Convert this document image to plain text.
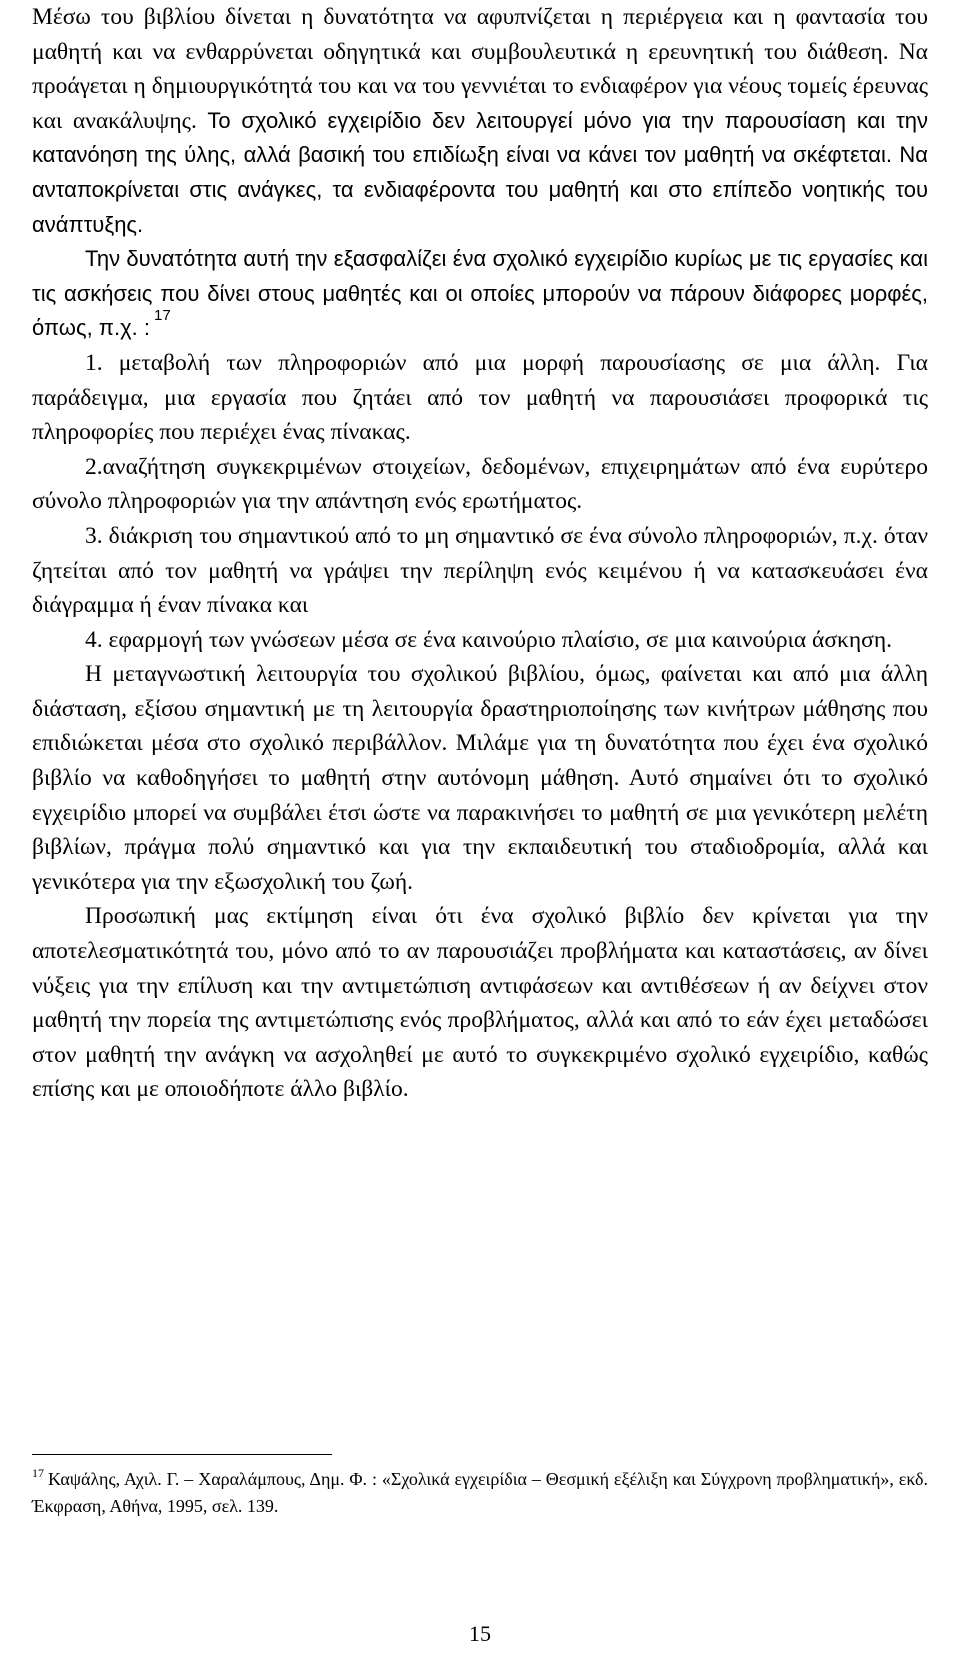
Μέσω του βιβλίου δίνεται η δυνατότητα να αφυπνίζεται η περιέργεια και η φαντασία του μαθητή και να ενθαρρύνεται οδηγητικά και συμβουλευτικά η ερευνητική του διάθεση. Να προάγεται η δημιουργικότητά του και να του γεννιέται το ενδιαφέρον για νέους τομείς έρευνας και ανακάλυψης. Το σχολικό εγχειρίδιο δεν λειτουργεί μόνο για την παρουσίαση και την κατανόηση της ύλης, αλλά βασική του επιδίωξη είναι να κάνει τον μαθητή να σκέφτεται. Να ανταποκρίνεται στις ανάγκες, τα ενδιαφέροντα του μαθητή και στο επίπεδο νοητικής του ανάπτυξης.

Την δυνατότητα αυτή την εξασφαλίζει ένα σχολικό εγχειρίδιο κυρίως με τις εργασίες και τις ασκήσεις που δίνει στους μαθητές και οι οποίες μπορούν να πάρουν διάφορες μορφές, όπως, π.χ. : $^{17}$

1. μεταβολή των πληροφοριών από μια μορφή παρουσίασης σε μια άλλη. Για παράδειγμα, μια εργασία που ζητάει από τον μαθητή να παρουσιάσει προφορικά τις πληροφορίες που περιέχει ένας πίνακας.

2.αναζήτηση συγκεκριμένων στοιχείων, δεδομένων, επιχειρημάτων από ένα ευρύτερο σύνολο πληροφοριών για την απάντηση ενός ερωτήματος.

3. διάκριση του σημαντικού από το μη σημαντικό σε ένα σύνολο πληροφοριών, π.χ. όταν ζητείται από τον μαθητή να γράψει την περίληψη ενός κειμένου ή να κατασκευάσει ένα διάγραμμα ή έναν πίνακα και

4. εφαρμογή των γνώσεων μέσα σε ένα καινούριο πλαίσιο, σε μια καινούρια άσκηση.

Η μεταγνωστική λειτουργία του σχολικού βιβλίου, όμως, φαίνεται και από μια άλλη διάσταση, εξίσου σημαντική με τη λειτουργία δραστηριοποίησης των κινήτρων μάθησης που επιδιώκεται μέσα στο σχολικό περιβάλλον. Μιλάμε για τη δυνατότητα που έχει ένα σχολικό βιβλίο να καθοδηγήσει το μαθητή στην αυτόνομη μάθηση. Αυτό σημαίνει ότι το σχολικό εγχειρίδιο μπορεί να συμβάλει έτσι ώστε να παρακινήσει το μαθητή σε μια γενικότερη μελέτη βιβλίων, πράγμα πολύ σημαντικό και για την εκπαιδευτική του σταδιοδρομία, αλλά και γενικότερα για την εξωσχολική του ζωή.

Προσωπική μας εκτίμηση είναι ότι ένα σχολικό βιβλίο δεν κρίνεται για την αποτελεσματικότητά του, μόνο από το αν παρουσιάζει προβλήματα και καταστάσεις, αν δίνει νύξεις για την επίλυση και την αντιμετώπιση αντιφάσεων και αντιθέσεων ή αν δείχνει στον μαθητή την πορεία της αντιμετώπισης ενός προβλήματος, αλλά και από το εάν έχει μεταδώσει στον μαθητή την ανάγκη να ασχοληθεί με αυτό το συγκεκριμένο σχολικό εγχειρίδιο, καθώς επίσης και με οποιοδήποτε άλλο βιβλίο.

$^{17}$ Καψάλης, Αχιλ. Γ. – Χαραλάμπους, Δημ. Φ. : «Σχολικά εγχειρίδια – Θεσμική εξέλιξη και Σύγχρονη προβληματική», εκδ. Έκφραση, Αθήνα, 1995, σελ. 139.
15
